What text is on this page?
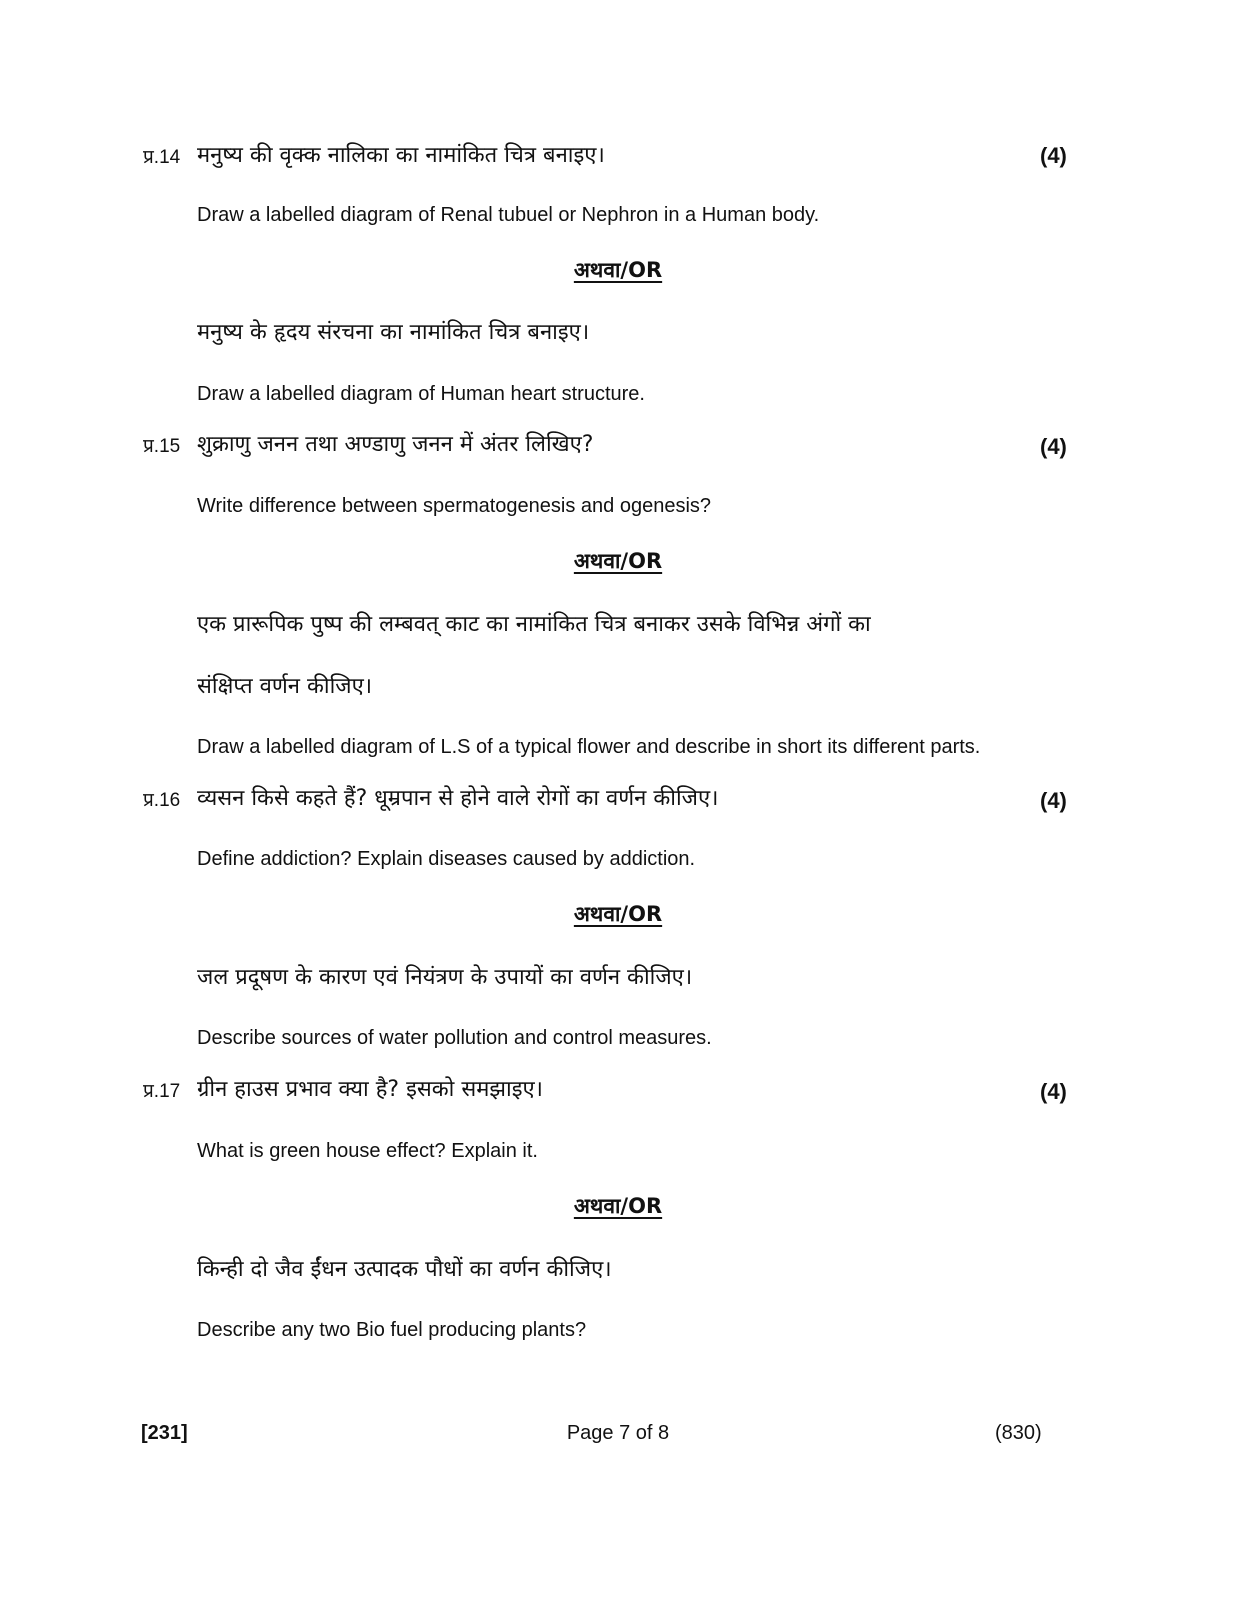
प्र.14 मनुष्य की वृक्क नालिका का नामांकित चित्र बनाइए।	(4)
Draw a labelled diagram of Renal tubuel or Nephron in a Human body.
अथवा/OR
मनुष्य के हृदय संरचना का नामांकित चित्र बनाइए।
Draw a labelled diagram of Human heart structure.
प्र.15 शुक्राणु जनन तथा अण्डाणु जनन में अंतर लिखिए?	(4)
Write difference between spermatogenesis and ogenesis?
अथवा/OR
एक प्रारूपिक पुष्प की लम्बवत् काट का नामांकित चित्र बनाकर उसके विभिन्न अंगों का
संक्षिप्त वर्णन कीजिए।
Draw a labelled diagram of L.S of a typical flower and describe in short its different parts.
प्र.16 व्यसन किसे कहते हैं? धूम्रपान से होने वाले रोगों का वर्णन कीजिए।	(4)
Define addiction? Explain diseases caused by addiction.
अथवा/OR
जल प्रदूषण के कारण एवं नियंत्रण के उपायों का वर्णन कीजिए।
Describe sources of water pollution and control measures.
प्र.17 ग्रीन हाउस प्रभाव क्या है? इसको समझाइए।	(4)
What is green house effect? Explain it.
अथवा/OR
किन्ही दो जैव ईंधन उत्पादक पौधों का वर्णन कीजिए।
Describe any two Bio fuel producing plants?
[231]	Page 7 of 8	(830)
